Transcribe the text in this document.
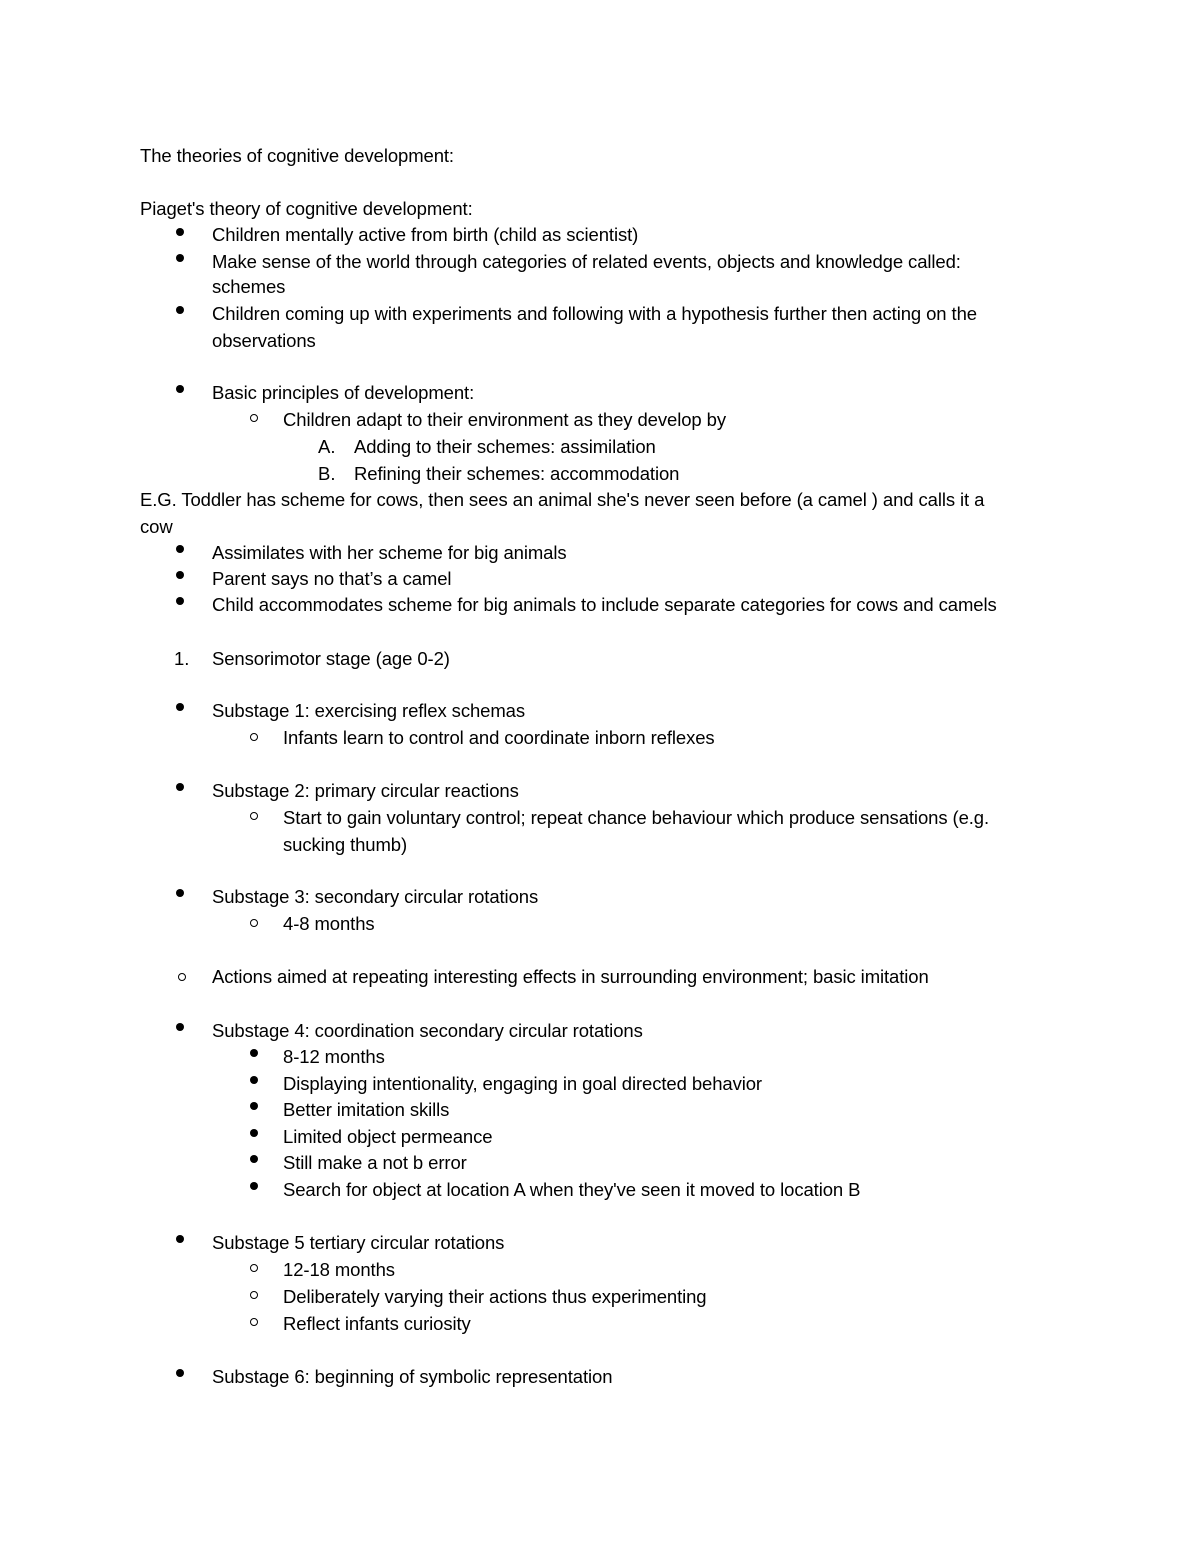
The theories of cognitive development:
Piaget's theory of cognitive development:
Children mentally active from birth (child as scientist)
Make sense of the world through categories of related events, objects and knowledge called:
schemes
Children coming up with experiments and following with a hypothesis further then acting on the
observations
Basic principles of development:
Children adapt to their environment as they develop by
A. Adding to their schemes: assimilation
B. Refining their schemes: accommodation
E.G. Toddler has scheme for cows, then sees an animal she's never seen before (a camel ) and calls it a
cow
Assimilates with her scheme for big animals
Parent says no that’s a camel
Child accommodates scheme for big animals to include separate categories for cows and camels
1. Sensorimotor stage (age 0-2)
Substage 1: exercising reflex schemas
Infants learn to control and coordinate inborn reflexes
Substage 2: primary circular reactions
Start to gain voluntary control; repeat chance behaviour which produce sensations (e.g.
sucking thumb)
Substage 3: secondary circular rotations
4-8 months
Actions aimed at repeating interesting effects in surrounding environment; basic imitation
Substage 4: coordination secondary circular rotations
8-12 months
Displaying intentionality, engaging in goal directed behavior
Better imitation skills
Limited object permeance
Still make a not b error
Search for object at location A when they've seen it moved to location B
Substage 5 tertiary circular rotations
12-18 months
Deliberately varying their actions thus experimenting
Reflect infants curiosity
Substage 6: beginning of symbolic representation
